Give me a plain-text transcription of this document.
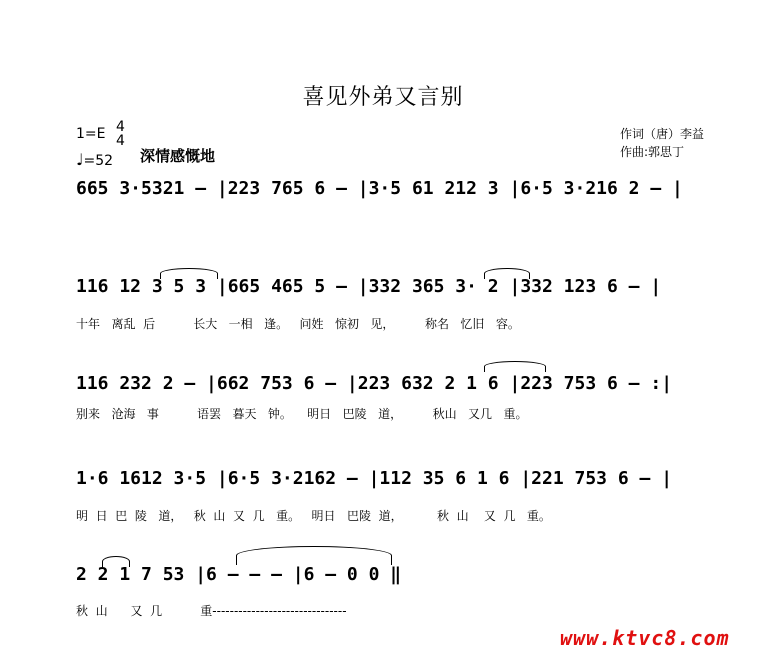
喜见外弟又言别
1=E 4
4
♩=52 深情感慨地
作词（唐）李益
作曲:郭思丁
665 3·5321 — |223 765 6 — |3·5 61 212 3 |6·5 3·216 2 — |
116 12 3 5 3 |665 465 5 — |332 365 3· 2 |332 123 6 — |
十年   离乱  后          长大   一相   逢。   问姓   惊初   见，        称名   忆旧   容。
116 232 2 — |662 753 6 — |223 632 2 1 6 |223 753 6 — :|
别来   沧海   事          语罢   暮天   钟。    明日   巴陵   道，        秋山   又几   重。
1·6 1612 3·5 |6·5 3·2162 — |112 35 6 1 6 |221 753 6 — |
明  日  巴  陵   道，   秋  山  又  几   重。   明日   巴陵  道，         秋  山    又  几   重。
2 2 1 7 53 |6 — — — |6 — 0 0 ‖
秋  山      又  几          重-------------------------------
www.ktvc8.com
